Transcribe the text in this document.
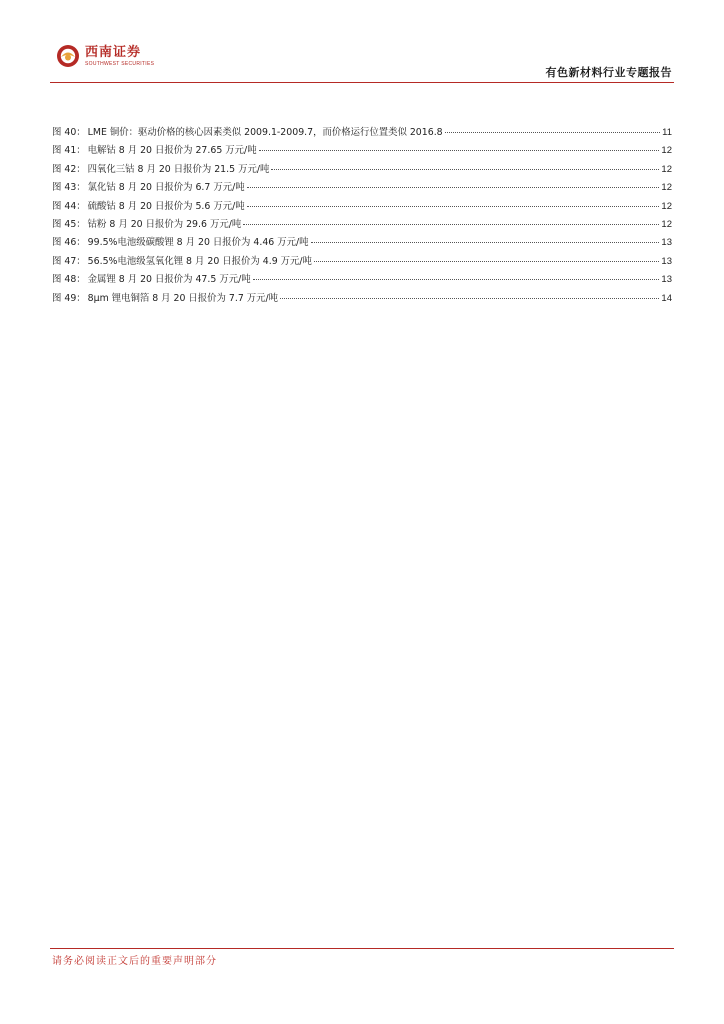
西南证券
SOUTHWEST SECURITIES
有色新材料行业专题报告
图 40： LME 铜价：驱动价格的核心因素类似 2009.1-2009.7，而价格运行位置类似 2016.8	11
图 41： 电解钴 8 月 20 日报价为 27.65 万元/吨	12
图 42： 四氧化三钴 8 月 20 日报价为 21.5 万元/吨	12
图 43： 氯化钴 8 月 20 日报价为 6.7 万元/吨	12
图 44： 硫酸钴 8 月 20 日报价为 5.6 万元/吨	12
图 45： 钴粉 8 月 20 日报价为 29.6 万元/吨	12
图 46： 99.5%电池级碳酸锂 8 月 20 日报价为 4.46 万元/吨	13
图 47： 56.5%电池级氢氧化锂 8 月 20 日报价为 4.9 万元/吨	13
图 48： 金属锂 8 月 20 日报价为 47.5 万元/吨	13
图 49： 8μm 锂电铜箔 8 月 20 日报价为 7.7 万元/吨	14
请务必阅读正文后的重要声明部分
